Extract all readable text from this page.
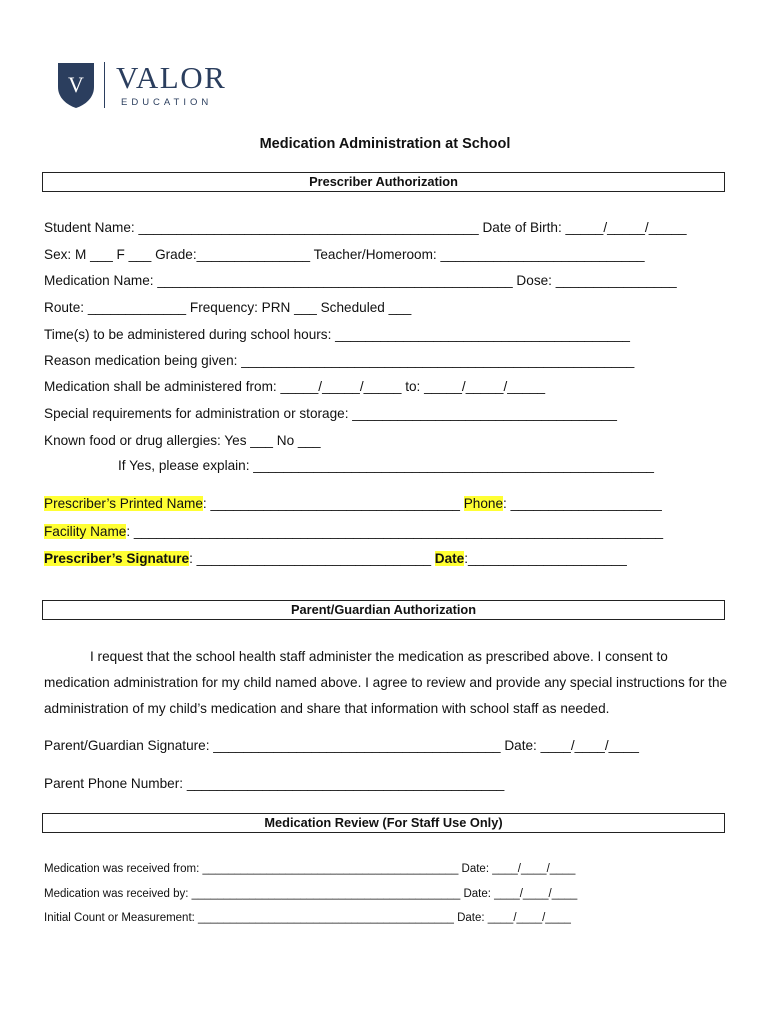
V VALOR
EDUCATION
Medication Administration at School
Prescriber Authorization
Student Name: _____________________________________________ Date of Birth: _____/_____/_____
Sex: M ___ F ___ Grade:_______________ Teacher/Homeroom: ___________________________
Medication Name: _______________________________________________ Dose: ________________
Route: _____________ Frequency: PRN ___ Scheduled ___
Time(s) to be administered during school hours: _______________________________________
Reason medication being given: ____________________________________________________
Medication shall be administered from: _____/_____/_____ to: _____/_____/_____
Special requirements for administration or storage: ___________________________________
Known food or drug allergies: Yes ___ No ___
If Yes, please explain: _____________________________________________________
Prescriber’s Printed Name: _________________________________ Phone: ____________________
Facility Name: ______________________________________________________________________
Prescriber’s Signature: _______________________________ Date:_____________________
Parent/Guardian Authorization
I request that the school health staff administer the medication as prescribed above. I consent to medication administration for my child named above. I agree to review and provide any special instructions for the administration of my child’s medication and share that information with school staff as needed.
Parent/Guardian Signature: ______________________________________ Date: ____/____/____
Parent Phone Number: __________________________________________
Medication Review (For Staff Use Only)
Medication was received from: ________________________________________ Date: ____/____/____
Medication was received by: __________________________________________ Date: ____/____/____
Initial Count or Measurement: ________________________________________ Date: ____/____/____
